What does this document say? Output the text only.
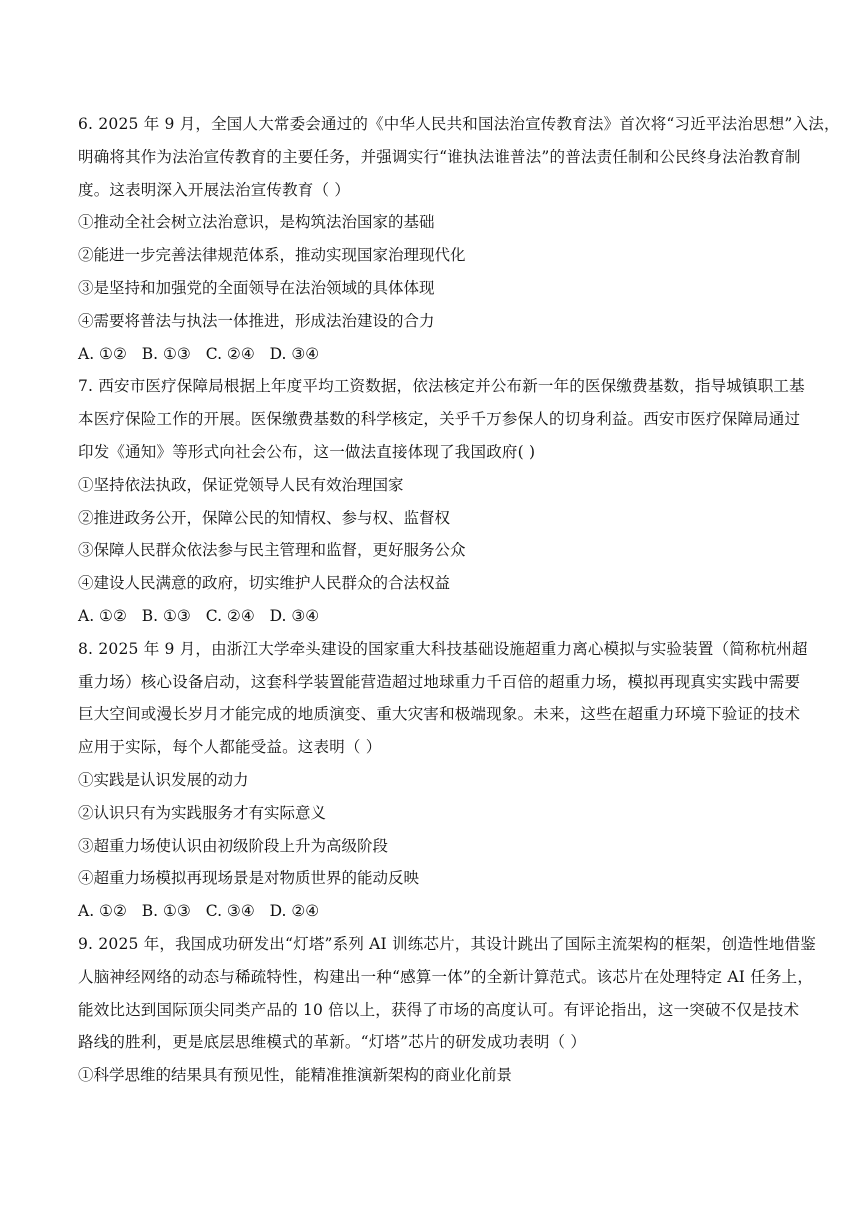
6. 2025 年 9 月，全国人大常委会通过的《中华人民共和国法治宣传教育法》首次将“习近平法治思想”入法，
明确将其作为法治宣传教育的主要任务，并强调实行“谁执法谁普法”的普法责任制和公民终身法治教育制
度。这表明深入开展法治宣传教育（ ）
①推动全社会树立法治意识，是构筑法治国家的基础
②能进一步完善法律规范体系，推动实现国家治理现代化
③是坚持和加强党的全面领导在法治领域的具体体现
④需要将普法与执法一体推进，形成法治建设的合力
A. ①② B. ①③ C. ②④ D. ③④
7. 西安市医疗保障局根据上年度平均工资数据，依法核定并公布新一年的医保缴费基数，指导城镇职工基
本医疗保险工作的开展。医保缴费基数的科学核定，关乎千万参保人的切身利益。西安市医疗保障局通过
印发《通知》等形式向社会公布，这一做法直接体现了我国政府( )
①坚持依法执政，保证党领导人民有效治理国家
②推进政务公开，保障公民的知情权、参与权、监督权
③保障人民群众依法参与民主管理和监督，更好服务公众
④建设人民满意的政府，切实维护人民群众的合法权益
A. ①② B. ①③ C. ②④ D. ③④
8. 2025 年 9 月，由浙江大学牵头建设的国家重大科技基础设施超重力离心模拟与实验装置（简称杭州超
重力场）核心设备启动，这套科学装置能营造超过地球重力千百倍的超重力场，模拟再现真实实践中需要
巨大空间或漫长岁月才能完成的地质演变、重大灾害和极端现象。未来，这些在超重力环境下验证的技术
应用于实际，每个人都能受益。这表明（ ）
①实践是认识发展的动力
②认识只有为实践服务才有实际意义
③超重力场使认识由初级阶段上升为高级阶段
④超重力场模拟再现场景是对物质世界的能动反映
A. ①② B. ①③ C. ③④ D. ②④
9. 2025 年，我国成功研发出“灯塔”系列 AI 训练芯片，其设计跳出了国际主流架构的框架，创造性地借鉴
人脑神经网络的动态与稀疏特性，构建出一种“感算一体”的全新计算范式。该芯片在处理特定 AI 任务上，
能效比达到国际顶尖同类产品的 10 倍以上，获得了市场的高度认可。有评论指出，这一突破不仅是技术
路线的胜利，更是底层思维模式的革新。“灯塔”芯片的研发成功表明（ ）
①科学思维的结果具有预见性，能精准推演新架构的商业化前景
